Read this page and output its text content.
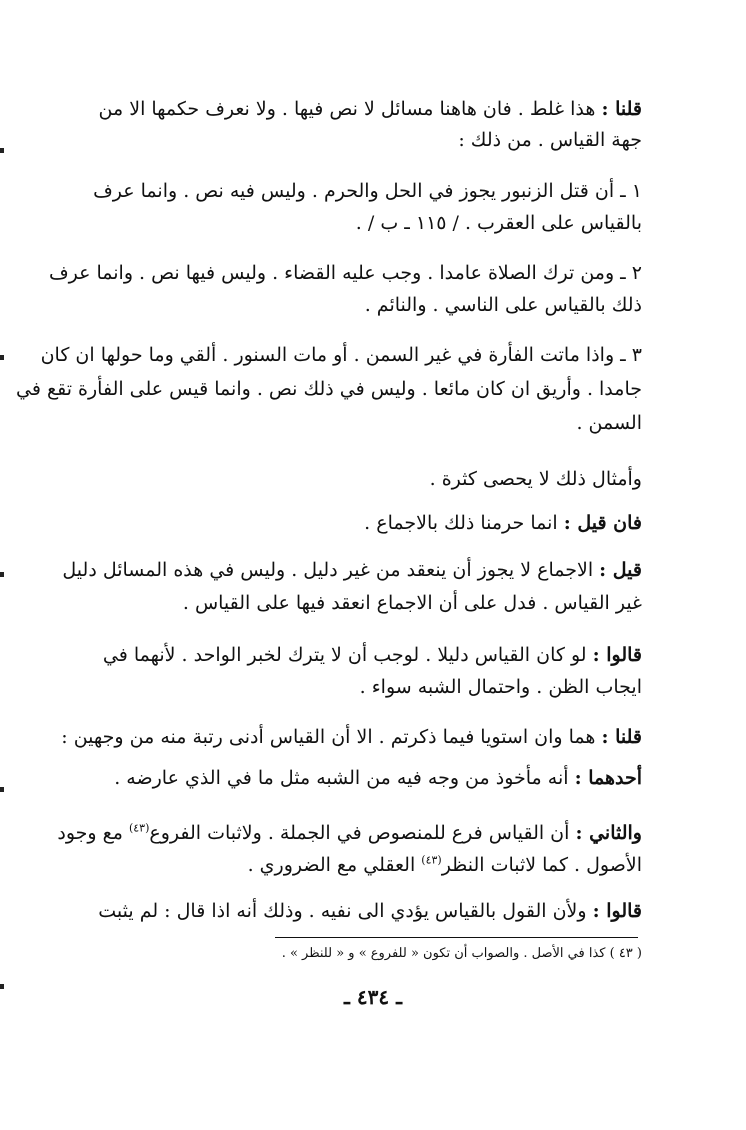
قلنا : هذا غلط . فان هاهنا مسائل لا نص فيها . ولا نعرف حكمها الا من
جهة القياس . من ذلك :
١ ـ أن قتل الزنبور يجوز في الحل والحرم . وليس فيه نص . وانما عرف
بالقياس على العقرب . / ١١٥ ـ ب / .
٢ ـ ومن ترك الصلاة عامدا . وجب عليه القضاء . وليس فيها نص . وانما عرف
ذلك بالقياس على الناسي . والنائم .
٣ ـ واذا ماتت الفأرة في غير السمن . أو مات السنور . ألقي وما حولها ان كان
جامدا . وأريق ان كان مائعا . وليس في ذلك نص . وانما قيس على الفأرة تقع في
السمن .
وأمثال ذلك لا يحصى كثرة .
فان قيل : انما حرمنا ذلك بالاجماع .
قيل : الاجماع لا يجوز أن ينعقد من غير دليل . وليس في هذه المسائل دليل
غير القياس . فدل على أن الاجماع انعقد فيها على القياس .
قالوا : لو كان القياس دليلا . لوجب أن لا يترك لخبر الواحد . لأنهما في
ايجاب الظن . واحتمال الشبه سواء .
قلنا : هما وان استويا فيما ذكرتم . الا أن القياس أدنى رتبة منه من وجهين :
أحدهما : أنه مأخوذ من وجه فيه من الشبه مثل ما في الذي عارضه .
والثاني : أن القياس فرع للمنصوص في الجملة . ولاثبات الفروع$^{(٤٣)}$ مع وجود
الأصول . كما لاثبات النظر$^{(٤٣)}$ العقلي مع الضروري .
قالوا : ولأن القول بالقياس يؤدي الى نفيه . وذلك أنه اذا قال : لم يثبت
( ٤٣ ) كذا في الأصل . والصواب أن تكون « للفروع » و « للنظر » .
ـ ٤٣٤ ـ
